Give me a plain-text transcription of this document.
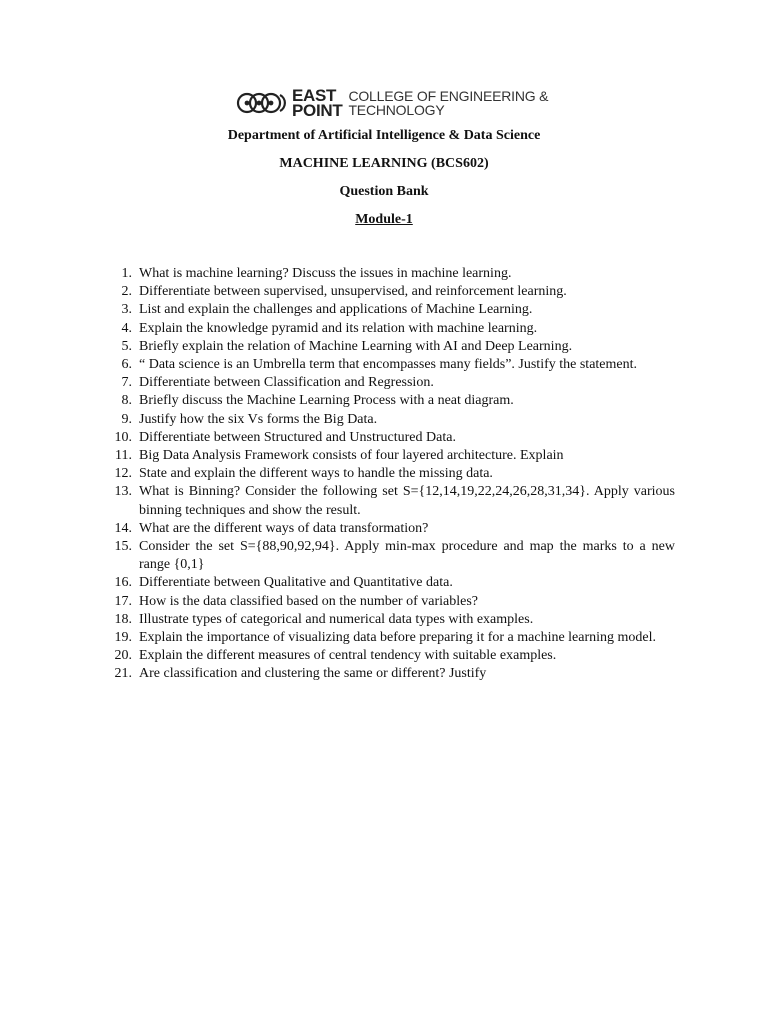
EAST
POINT
COLLEGE OF ENGINEERING &
TECHNOLOGY
Department of Artificial Intelligence & Data Science
MACHINE LEARNING (BCS602)
Question Bank
Module-1
1. What is machine learning? Discuss the issues in machine learning.
2. Differentiate between supervised, unsupervised, and reinforcement learning.
3. List and explain the challenges and applications of Machine Learning.
4. Explain the knowledge pyramid and its relation with machine learning.
5. Briefly explain the relation of Machine Learning with AI and Deep Learning.
6. “ Data science is an Umbrella term that encompasses many fields”. Justify the statement.
7. Differentiate between Classification and Regression.
8. Briefly discuss the Machine Learning Process with a neat diagram.
9. Justify how the six Vs forms the Big Data.
10. Differentiate between Structured and Unstructured Data.
11. Big Data Analysis Framework consists of four layered architecture. Explain
12. State and explain the different ways to handle the missing data.
13. What is Binning? Consider the following set S={12,14,19,22,24,26,28,31,34}. Apply various binning techniques and show the result.
14. What are the different ways of data transformation?
15. Consider the set S={88,90,92,94}. Apply min-max procedure and map the marks to a new range {0,1}
16. Differentiate between Qualitative and Quantitative data.
17. How is the data classified based on the number of variables?
18. Illustrate types of categorical and numerical data types with examples.
19. Explain the importance of visualizing data before preparing it for a machine learning model.
20. Explain the different measures of central tendency with suitable examples.
21. Are classification and clustering the same or different? Justify
